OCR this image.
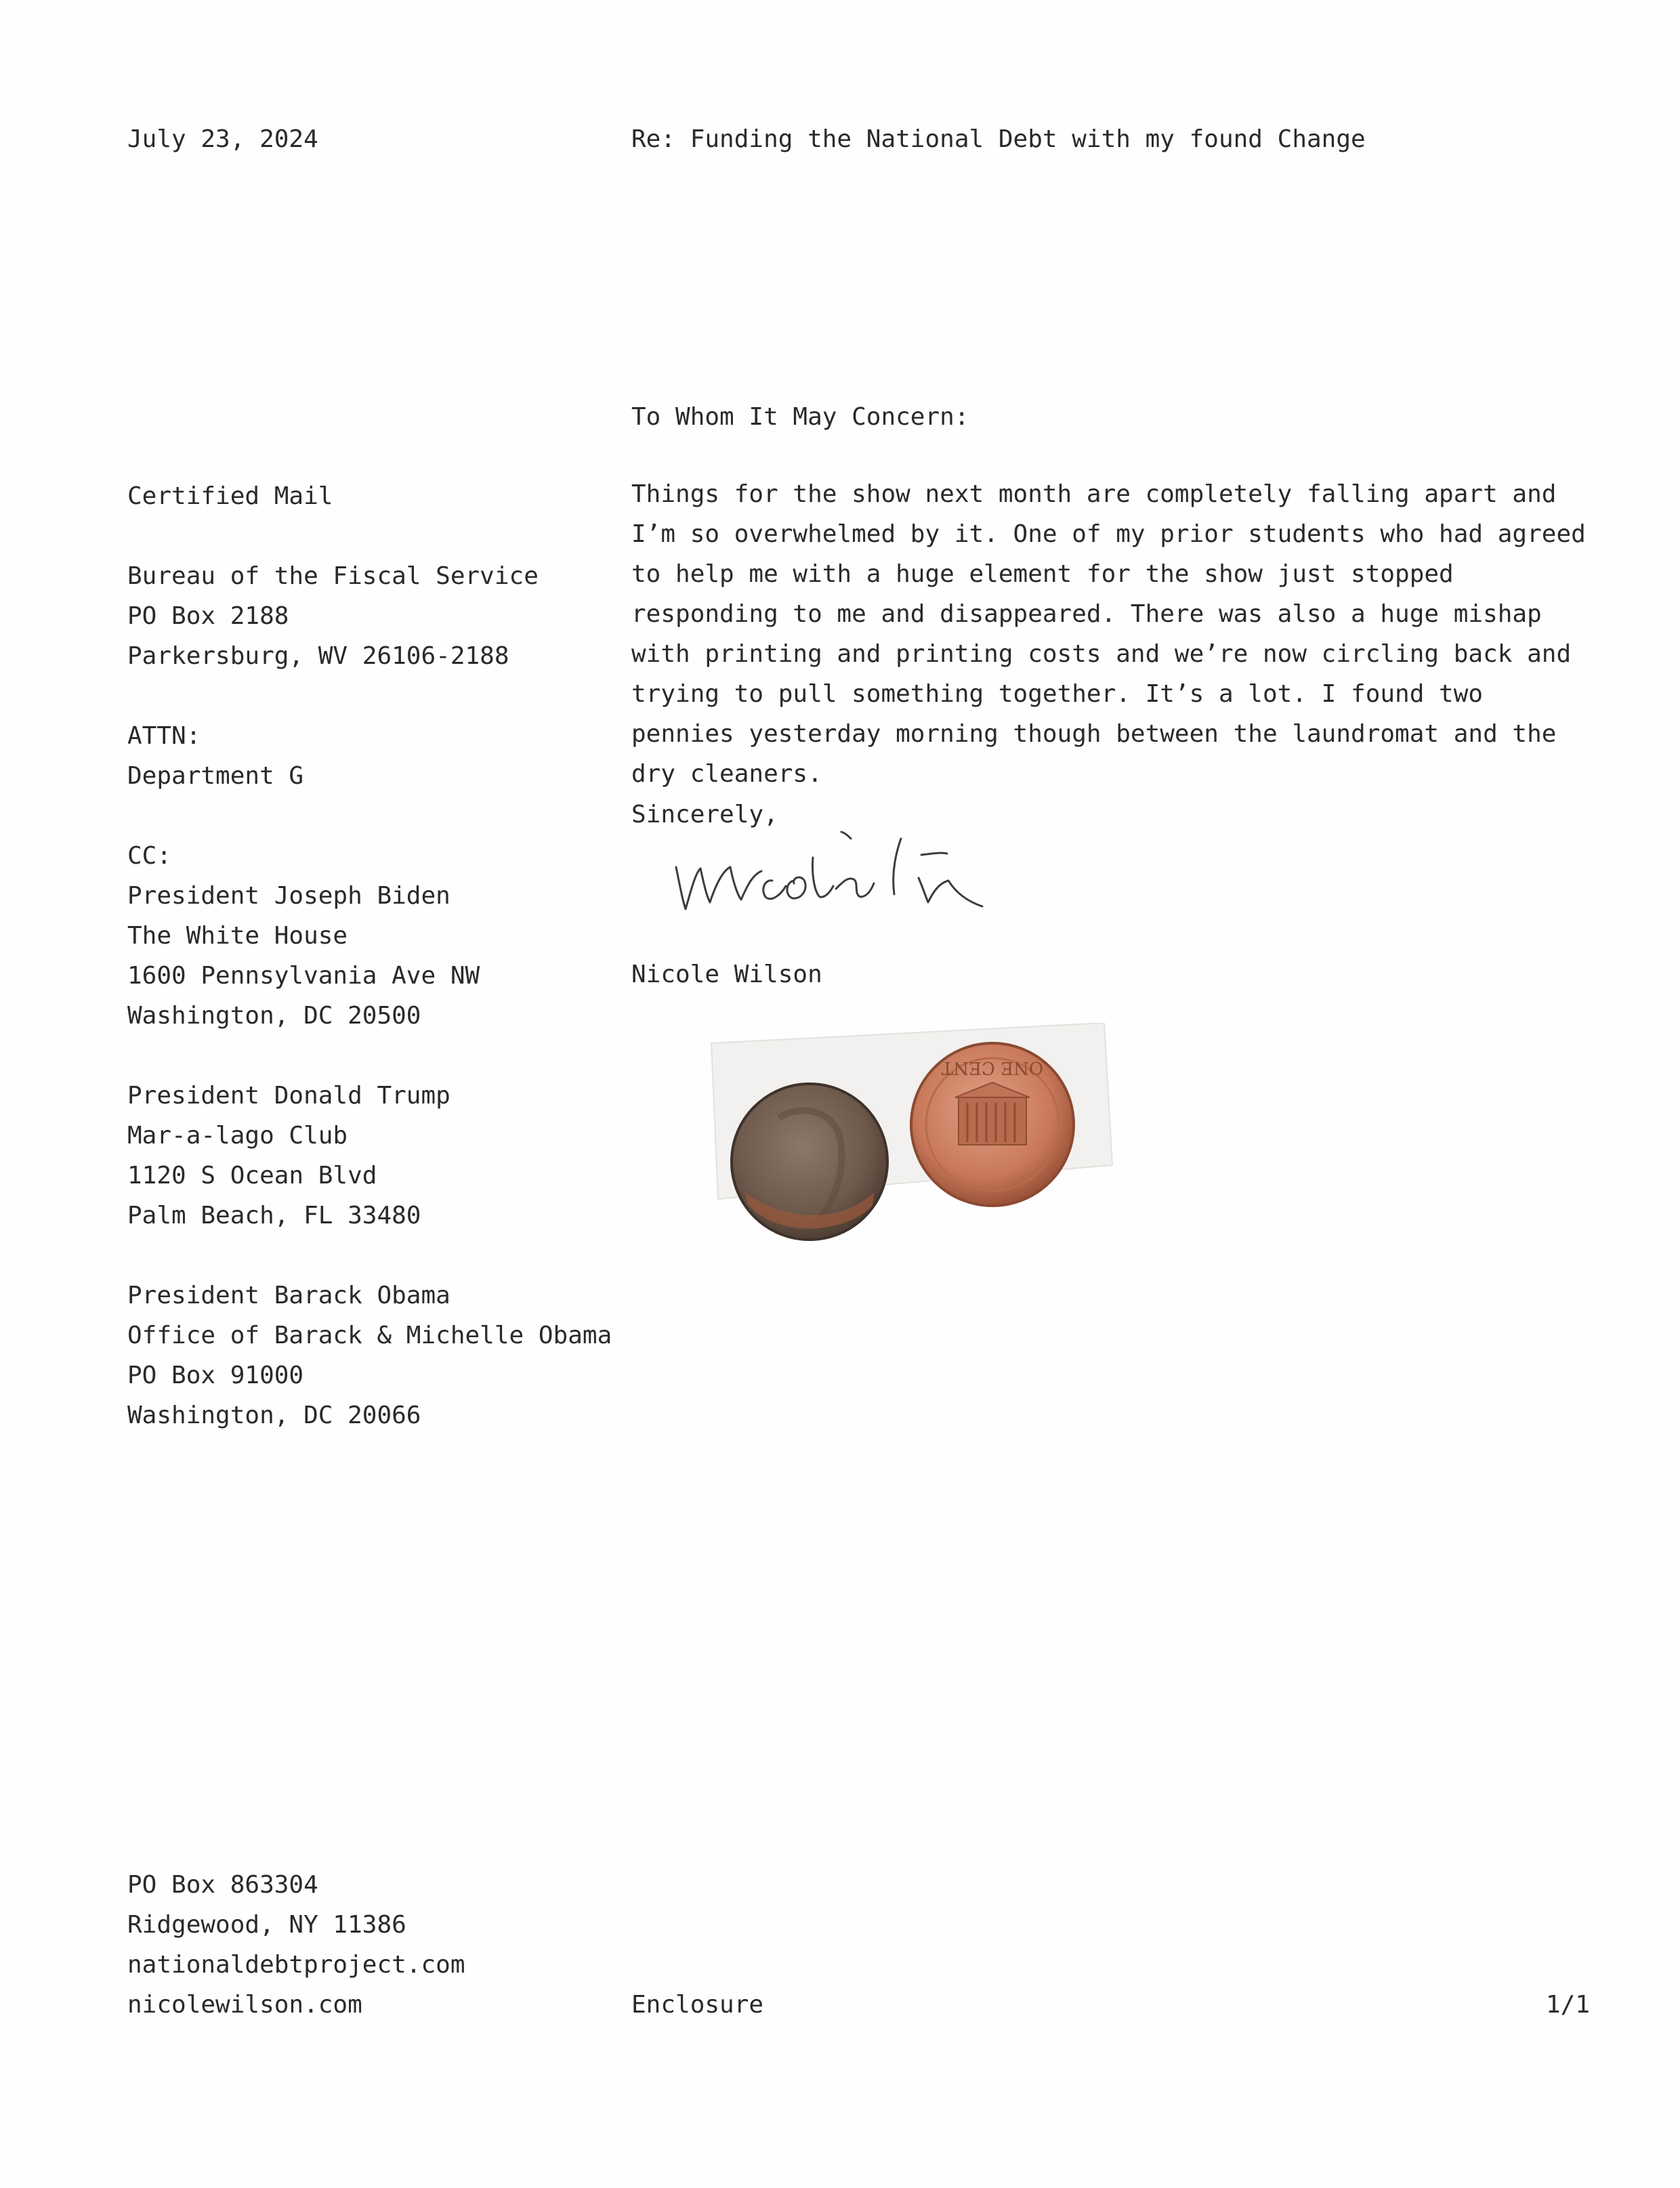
July 23, 2024	Re: Funding the National Debt with my found Change
To Whom It May Concern:
Certified Mail
Bureau of the Fiscal Service
PO Box 2188
Parkersburg, WV 26106-2188
ATTN:
Department G
CC:
President Joseph Biden
The White House
1600 Pennsylvania Ave NW
Washington, DC 20500
President Donald Trump
Mar-a-lago Club
1120 S Ocean Blvd
Palm Beach, FL 33480
President Barack Obama
Office of Barack & Michelle Obama
PO Box 91000
Washington, DC 20066

Things for the show next month are completely falling apart and I’m so overwhelmed by it. One of my prior students who had agreed to help me with a huge element for the show just stopped responding to me and disappeared. There was also a huge mishap with printing and printing costs and we’re now circling back and trying to pull something together. It’s a lot. I found two pennies yesterday morning though between the laundromat and the dry cleaners.

Sincerely,
Nicole Wilson
ONE CENT
PO Box 863304
Ridgewood, NY 11386
nationaldebtproject.com
nicolewilson.com	Enclosure	1/1
